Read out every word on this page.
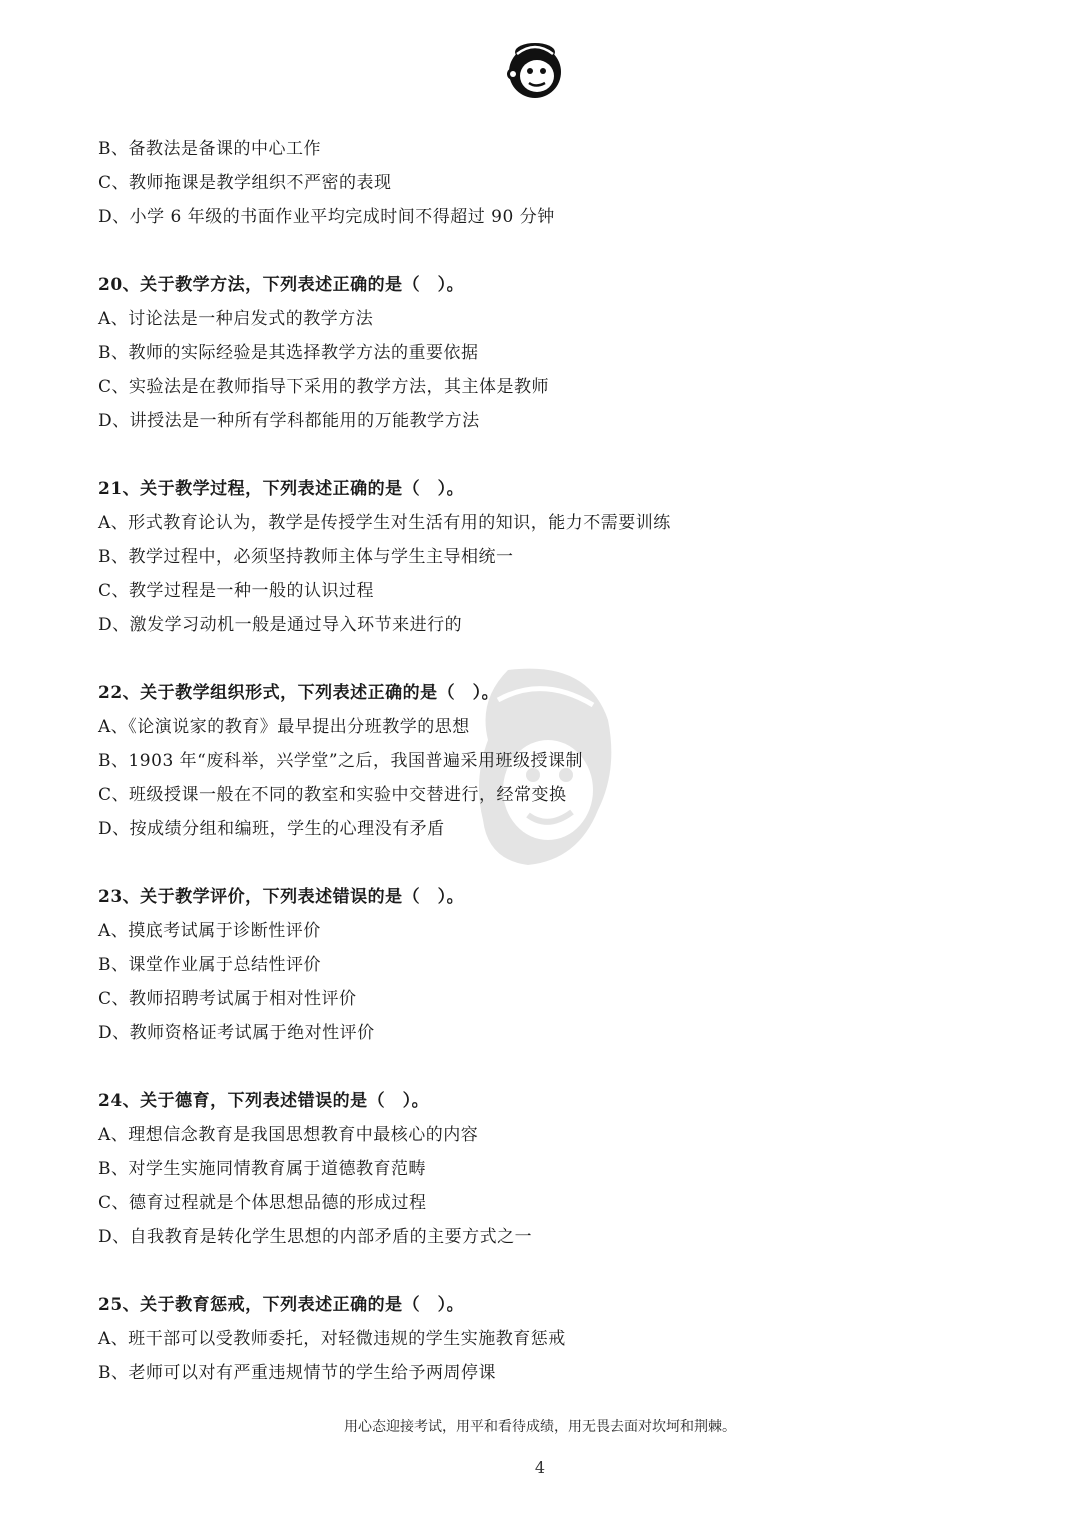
B、备教法是备课的中心工作
C、教师拖课是教学组织不严密的表现
D、小学 6 年级的书面作业平均完成时间不得超过 90 分钟
20、关于教学方法，下列表述正确的是（　）。
A、讨论法是一种启发式的教学方法
B、教师的实际经验是其选择教学方法的重要依据
C、实验法是在教师指导下采用的教学方法，其主体是教师
D、讲授法是一种所有学科都能用的万能教学方法
21、关于教学过程，下列表述正确的是（　）。
A、形式教育论认为，教学是传授学生对生活有用的知识，能力不需要训练
B、教学过程中，必须坚持教师主体与学生主导相统一
C、教学过程是一种一般的认识过程
D、激发学习动机一般是通过导入环节来进行的
22、关于教学组织形式，下列表述正确的是（　）。
A、《论演说家的教育》最早提出分班教学的思想
B、1903 年“废科举，兴学堂”之后，我国普遍采用班级授课制
C、班级授课一般在不同的教室和实验中交替进行，经常变换
D、按成绩分组和编班，学生的心理没有矛盾
23、关于教学评价，下列表述错误的是（　）。
A、摸底考试属于诊断性评价
B、课堂作业属于总结性评价
C、教师招聘考试属于相对性评价
D、教师资格证考试属于绝对性评价
24、关于德育，下列表述错误的是（　）。
A、理想信念教育是我国思想教育中最核心的内容
B、对学生实施同情教育属于道德教育范畴
C、德育过程就是个体思想品德的形成过程
D、自我教育是转化学生思想的内部矛盾的主要方式之一
25、关于教育惩戒，下列表述正确的是（　）。
A、班干部可以受教师委托，对轻微违规的学生实施教育惩戒
B、老师可以对有严重违规情节的学生给予两周停课
用心态迎接考试，用平和看待成绩，用无畏去面对坎坷和荆棘。
4
